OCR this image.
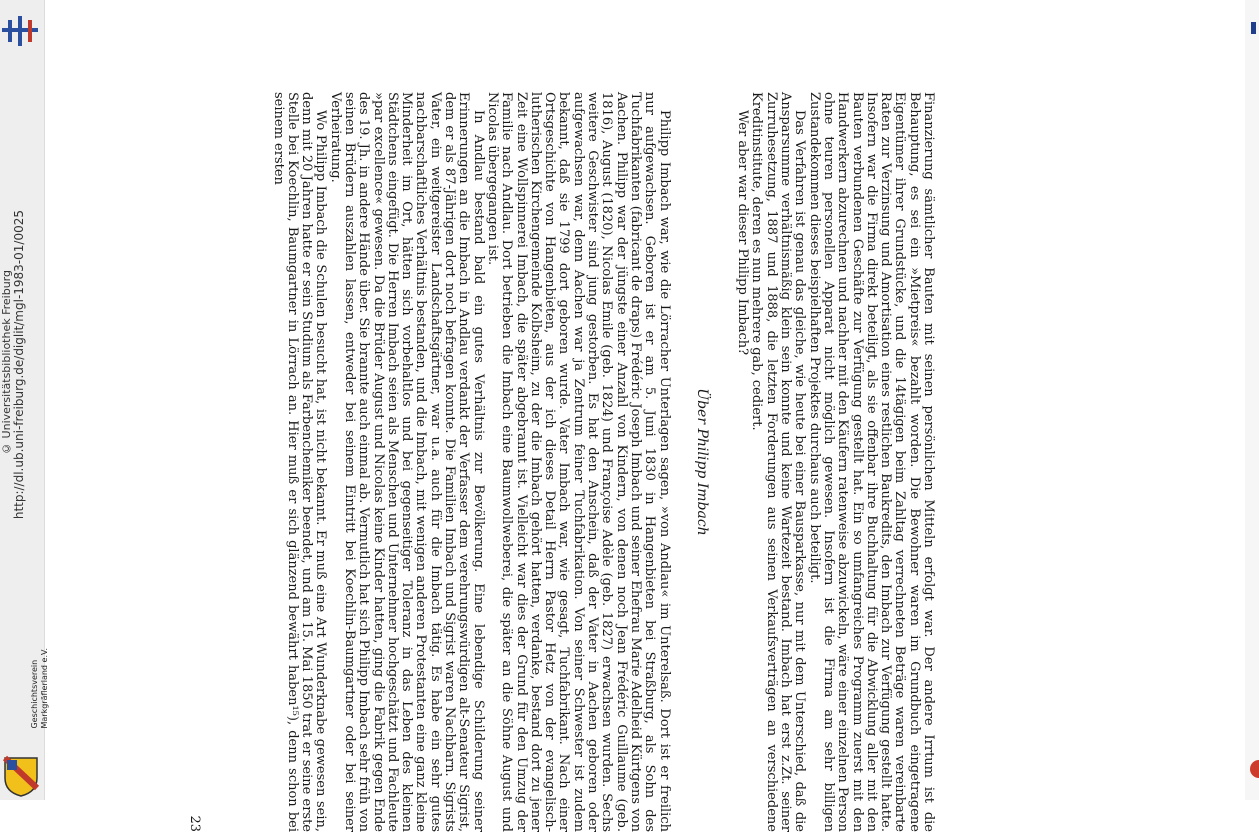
http://dl.ub.uni-freiburg.de/diglit/mgl-1983-01/0025
© Universitätsbibliothek Freiburg
Geschichtsverein
Markgräflerland e.V.	Finanzierung sämtlicher Bauten mit seinen persönlichen Mitteln erfolgt war. Der andere Irrtum ist die Behauptung, es sei ein »Mietpreis« bezahlt worden. Die Bewohner waren im Grundbuch eingetragene Eigentümer ihrer Grundstücke, und die 14tägigen beim Zahltag verrechneten Beträge waren vereinbarte Raten zur Verzinsung und Amortisation eines restlichen Baukredits, den Imbach zur Verfügung gestellt hatte. Insofern war die Firma direkt beteiligt, als sie offenbar ihre Buchhaltung für die Abwicklung aller mit den Bauten verbundenen Geschäfte zur Verfügung gestellt hat. Ein so umfangreiches Programm zuerst mit den Handwerkern abzurechnen und nachher mit den Käufern ratenweise abzuwickeln, wäre einer einzelnen Person ohne teuren personellen Apparat nicht möglich gewesen. Insofern ist die Firma am sehr billigen Zustandekommen dieses beispielhaften Projektes durchaus auch beteiligt.

Das Verfahren ist genau das gleiche, wie heute bei einer Bausparkasse, nur mit dem Unterschied, daß die Ansparsumme verhältnismäßig klein sein konnte und keine Wartezeit bestand. Imbach hat erst z.Zt. seiner Zurruhesetzung, 1887 und 1888, die letzten Forderungen aus seinen Verkaufsverträgen an verschiedene Kreditinstitute, deren es nun mehrere gab, cediert.

Wer aber war dieser Philipp Imbach?

Über Philipp Imbach

Philipp Imbach war, wie die Lörracher Unterlagen sagen, »von Andlau« im Unterelsaß. Dort ist er freilich nur aufgewachsen. Geboren ist er am 5. Juni 1830 in Hangenbieten bei Straßburg, als Sohn des Tuchfabrikanten (fabricant de draps) Frédéric Joseph Imbach und seiner Ehefrau Marie Adelheid Kürtgens von Aachen. Philipp war der jüngste einer Anzahl von Kindern, von denen noch Jean Frédéric Guillaume (geb. 1816), August (1820), Nicolas Emile (geb. 1824) und Françoise Adèle (geb. 1827) erwachsen wurden. Sechs weitere Geschwister sind jung gestorben. Es hat den Anschein, daß der Vater in Aachen geboren oder aufgewachsen war, denn Aachen war ja Zentrum feiner Tuchfabrikation. Von seiner Schwester ist zudem bekannt, daß sie 1799 dort geboren wurde. Vater Imbach war, wie gesagt, Tuchfabrikant. Nach einer Ortsgeschichte von Hangenbieten, aus der ich dieses Detail Herrn Pastor Hetz von der evangelisch-lutherischen Kirchengemeinde Kolbsheim, zu der die Imbach gehört hatten, verdanke, bestand dort zu jener Zeit eine Wollspinnerei Imbach, die später abgebrannt ist. Vielleicht war dies der Grund für den Umzug der Familie nach Andlau. Dort betrieben die Imbach eine Baumwollweberei, die später an die Söhne August und Nicolas übergegangen ist.

In Andlau bestand bald ein gutes Verhältnis zur Bevölkerung. Eine lebendige Schilderung seiner Erinnerungen an die Imbach in Andlau verdankt der Verfasser dem verehrungswürdigen alt-Senateur Sigrist, dem er als 87-Jährigen dort noch befragen konnte. Die Familien Imbach und Sigrist waren Nachbarn. Sigrists Vater, ein weitgereister Landschaftsgärtner, war u.a. auch für die Imbach tätig. Es habe ein sehr gutes nachbarschaftliches Verhältnis bestanden, und die Imbach, mit wenigen anderen Protestanten eine ganz kleine Minderheit im Ort, hätten sich vorbehaltlos und bei gegenseitiger Toleranz in das Leben des kleinen Städtchens eingefügt. Die Herren Imbach seien als Menschen und Unternehmer hochgeschätzt und Fachleute »par excellence« gewesen. Da die Brüder August und Nicolas keine Kinder hatten, ging die Fabrik gegen Ende des 19. Jh. in andere Hände über. Sie brannte auch einmal ab. Vermutlich hat sich Philipp Imbach sehr früh von seinen Brüdern auszahlen lassen, entweder bei seinem Eintritt bei Koechlin-Baumgartner oder bei seiner Verheiratung.

Wo Philipp Imbach die Schulen besucht hat, ist nicht bekannt. Er muß eine Art Wunderknabe gewesen sein, denn mit 20 Jahren hatte er sein Studium als Farbenchemiker beendet, und am 15. Mai 1850 trat er seine erste Stelle bei Koechlin, Baumgartner in Lörrach an. Hier muß er sich glänzend bewährt haben¹⁵), denn schon bei seinem ersten

23
